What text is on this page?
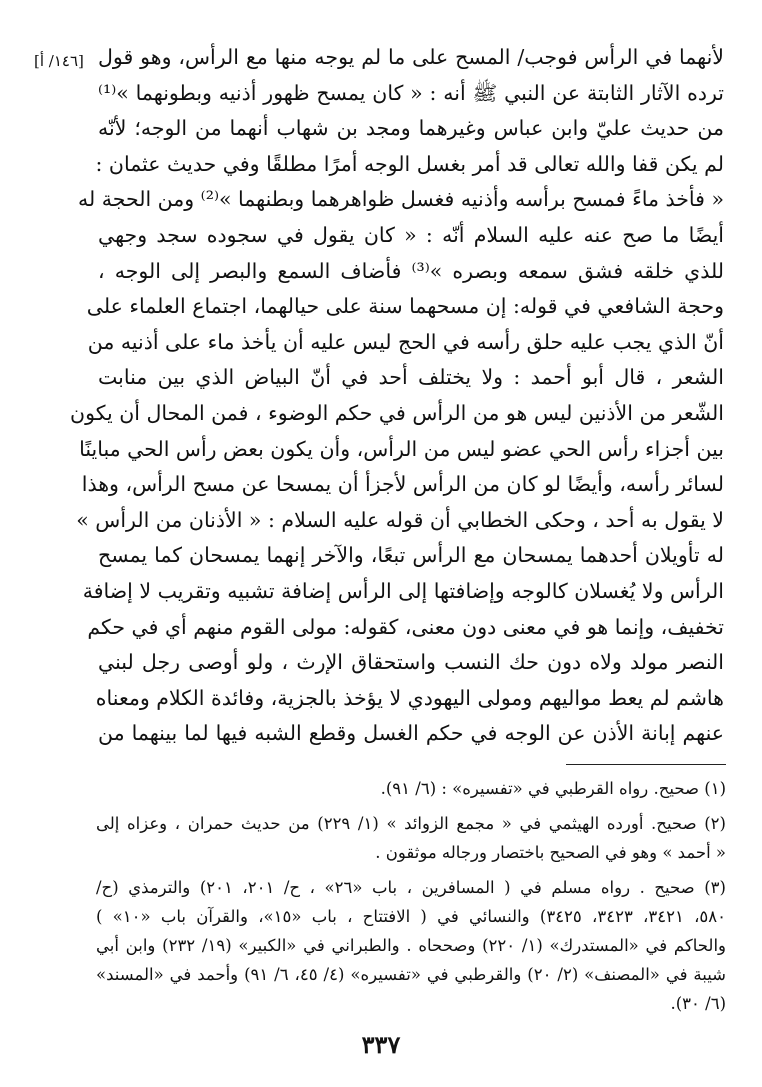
[١٤٦/ أ] لأنهما في الرأس فوجب/ المسح على ما لم يوجه منها مع الرأس، وهو قول
ترده الآثار الثابتة عن النبي ﷺ أنه : « كان يمسح ظهور أذنيه وبطونهما »⁽¹⁾
من حديث عليّ وابن عباس وغيرهما ومجد بن شهاب أنهما من الوجه؛ لأنّه
لم يكن قفا والله تعالى قد أمر بغسل الوجه أمرًا مطلقًا وفي حديث عثمان :
« فأخذ ماءً فمسح برأسه وأذنيه فغسل ظواهرهما وبطنهما »⁽²⁾ ومن الحجة له
أيضًا ما صح عنه عليه السلام أنّه : « كان يقول في سجوده سجد وجهي
للذي خلقه فشق سمعه وبصره »⁽³⁾ فأضاف السمع والبصر إلى الوجه ،
وحجة الشافعي في قوله: إن مسحهما سنة على حيالهما، اجتماع العلماء على
أنّ الذي يجب عليه حلق رأسه في الحج ليس عليه أن يأخذ ماء على أذنيه من
الشعر ، قال أبو أحمد : ولا يختلف أحد في أنّ البياض الذي بين منابت
الشّعر من الأذنين ليس هو من الرأس في حكم الوضوء ، فمن المحال أن يكون
بين أجزاء رأس الحي عضو ليس من الرأس، وأن يكون بعض رأس الحي مباينًا
لسائر رأسه، وأيضًا لو كان من الرأس لأجزأ أن يمسحا عن مسح الرأس، وهذا
لا يقول به أحد ، وحكى الخطابي أن قوله عليه السلام : « الأذنان من الرأس »
له تأويلان أحدهما يمسحان مع الرأس تبعًا، والآخر إنهما يمسحان كما يمسح
الرأس ولا يُغسلان كالوجه وإضافتها إلى الرأس إضافة تشبيه وتقريب لا إضافة
تخفيف، وإنما هو في معنى دون معنى، كقوله: مولى القوم منهم أي في حكم
النصر مولد ولاه دون حك النسب واستحقاق الإرث ، ولو أوصى رجل لبني
هاشم لم يعط مواليهم ومولى اليهودي لا يؤخذ بالجزية، وفائدة الكلام ومعناه
عنهم إبانة الأذن عن الوجه في حكم الغسل وقطع الشبه فيها لما بينهما من
(١) صحيح. رواه القرطبي في «تفسيره» : (٦/ ٩١).
(٢) صحيح. أورده الهيثمي في « مجمع الزوائد » (١/ ٢٢٩) من حديث حمران ، وعزاه إلى
« أحمد » وهو في الصحيح باختصار ورجاله موثقون .
(٣) صحيح . رواه مسلم في ( المسافرين ، باب «٢٦» ، ح/ ٢٠١، ٢٠١) والترمذي (ح/
٥٨٠، ٣٤٢١، ٣٤٢٣، ٣٤٢٥) والنسائي في ( الافتتاح ، باب «١٥»، والقرآن باب «١٠» )
والحاكم في «المستدرك» (١/ ٢٢٠) وصححاه . والطبراني في «الكبير» (١٩/ ٢٣٢) وابن أبي
شيبة في «المصنف» (٢/ ٢٠) والقرطبي في «تفسيره» (٤/ ٤٥، ٦/ ٩١) وأحمد في «المسند»
(٦/ ٣٠).
٣٣٧
